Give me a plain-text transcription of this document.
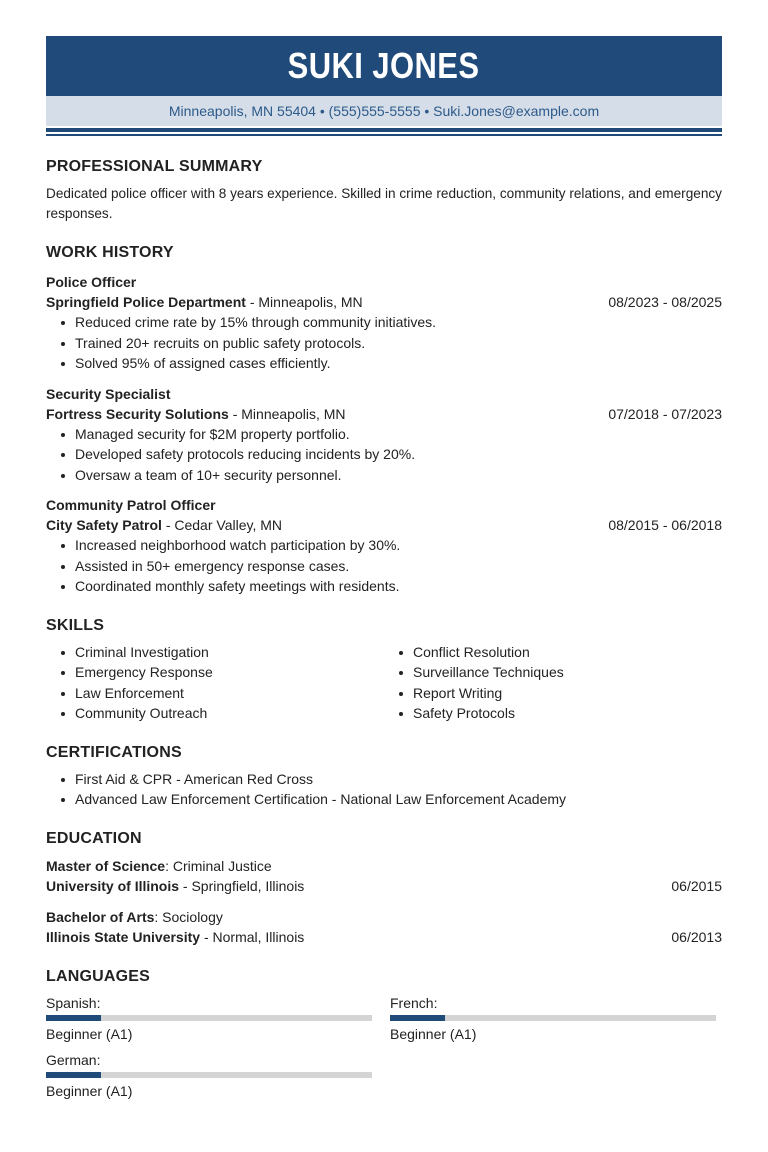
SUKI JONES
Minneapolis, MN 55404 • (555)555-5555 • Suki.Jones@example.com
PROFESSIONAL SUMMARY
Dedicated police officer with 8 years experience. Skilled in crime reduction, community relations, and emergency responses.
WORK HISTORY
Police Officer
Springfield Police Department - Minneapolis, MN	08/2023 - 08/2025
Reduced crime rate by 15% through community initiatives.
Trained 20+ recruits on public safety protocols.
Solved 95% of assigned cases efficiently.
Security Specialist
Fortress Security Solutions - Minneapolis, MN	07/2018 - 07/2023
Managed security for $2M property portfolio.
Developed safety protocols reducing incidents by 20%.
Oversaw a team of 10+ security personnel.
Community Patrol Officer
City Safety Patrol - Cedar Valley, MN	08/2015 - 06/2018
Increased neighborhood watch participation by 30%.
Assisted in 50+ emergency response cases.
Coordinated monthly safety meetings with residents.
SKILLS
Criminal Investigation
Emergency Response
Law Enforcement
Community Outreach
Conflict Resolution
Surveillance Techniques
Report Writing
Safety Protocols
CERTIFICATIONS
First Aid & CPR - American Red Cross
Advanced Law Enforcement Certification - National Law Enforcement Academy
EDUCATION
Master of Science: Criminal Justice
University of Illinois - Springfield, Illinois	06/2015
Bachelor of Arts: Sociology
Illinois State University - Normal, Illinois	06/2013
LANGUAGES
Spanish:
Beginner (A1)
French:
Beginner (A1)
German:
Beginner (A1)
